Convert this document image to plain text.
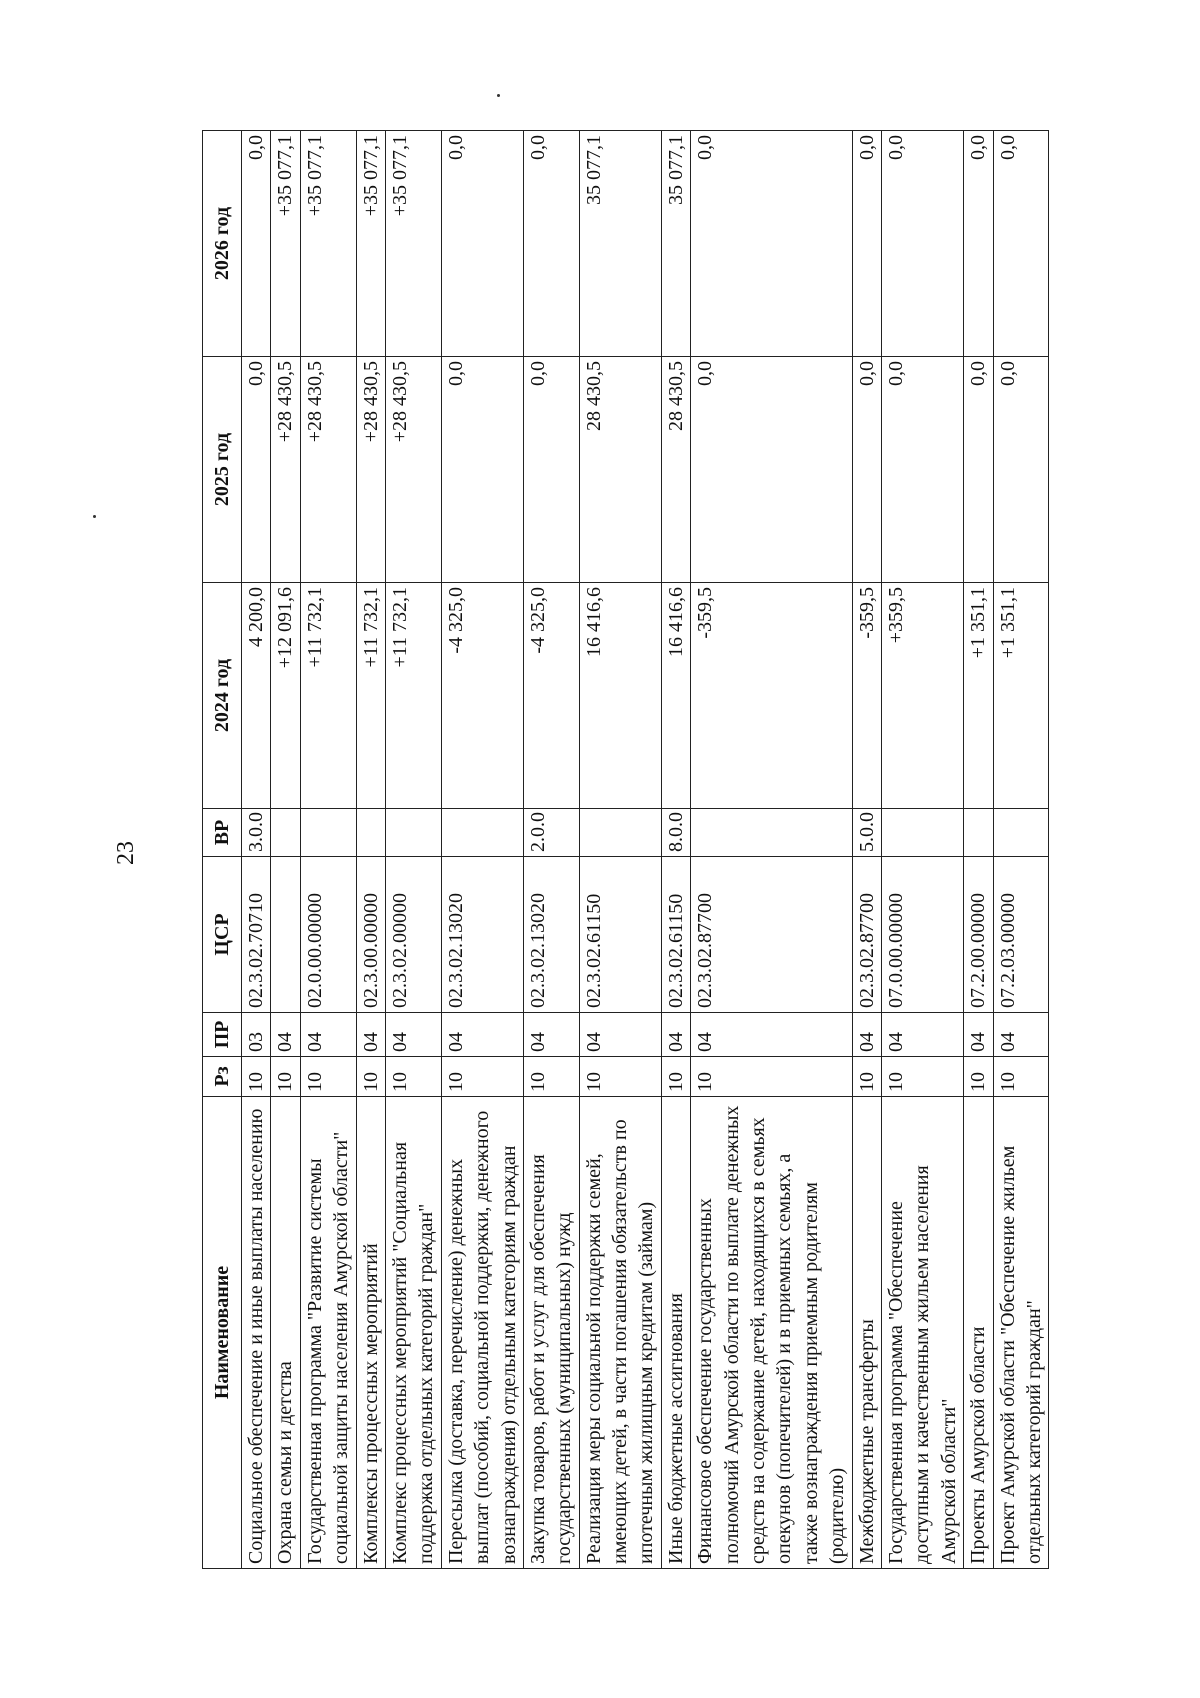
23
Наименование	Рз	ПР	ЦСР	ВР	2024 год	2025 год	2026 год
Социальное обеспечение и иные выплаты населению	10	03	02.3.02.70710	3.0.0	4 200,0	0,0	0,0
Охрана семьи и детства	10	04			+12 091,6	+28 430,5	+35 077,1
Государственная программа "Развитие системы социальной защиты населения Амурской области"	10	04	02.0.00.00000		+11 732,1	+28 430,5	+35 077,1
Комплексы процессных мероприятий	10	04	02.3.00.00000		+11 732,1	+28 430,5	+35 077,1
Комплекс процессных мероприятий "Социальная поддержка отдельных категорий граждан"	10	04	02.3.02.00000		+11 732,1	+28 430,5	+35 077,1
Пересылка (доставка, перечисление) денежных выплат (пособий, социальной поддержки, денежного вознаграждения) отдельным категориям граждан	10	04	02.3.02.13020		-4 325,0	0,0	0,0
Закупка товаров, работ и услуг для обеспечения государственных (муниципальных) нужд	10	04	02.3.02.13020	2.0.0	-4 325,0	0,0	0,0
Реализация меры социальной поддержки семей, имеющих детей, в части погашения обязательств по ипотечным жилищным кредитам (займам)	10	04	02.3.02.61150		16 416,6	28 430,5	35 077,1
Иные бюджетные ассигнования	10	04	02.3.02.61150	8.0.0	16 416,6	28 430,5	35 077,1
Финансовое обеспечение государственных полномочий Амурской области по выплате денежных средств на содержание детей, находящихся в семьях опекунов (попечителей) и в приемных семьях, а также вознаграждения приемным родителям (родителю)	10	04	02.3.02.87700		-359,5	0,0	0,0
Межбюджетные трансферты	10	04	02.3.02.87700	5.0.0	-359,5	0,0	0,0
Государственная программа "Обеспечение доступным и качественным жильем населения Амурской области"	10	04	07.0.00.00000		+359,5	0,0	0,0
Проекты Амурской области	10	04	07.2.00.00000		+1 351,1	0,0	0,0
Проект Амурской области "Обеспечение жильем отдельных категорий граждан"	10	04	07.2.03.00000		+1 351,1	0,0	0,0
